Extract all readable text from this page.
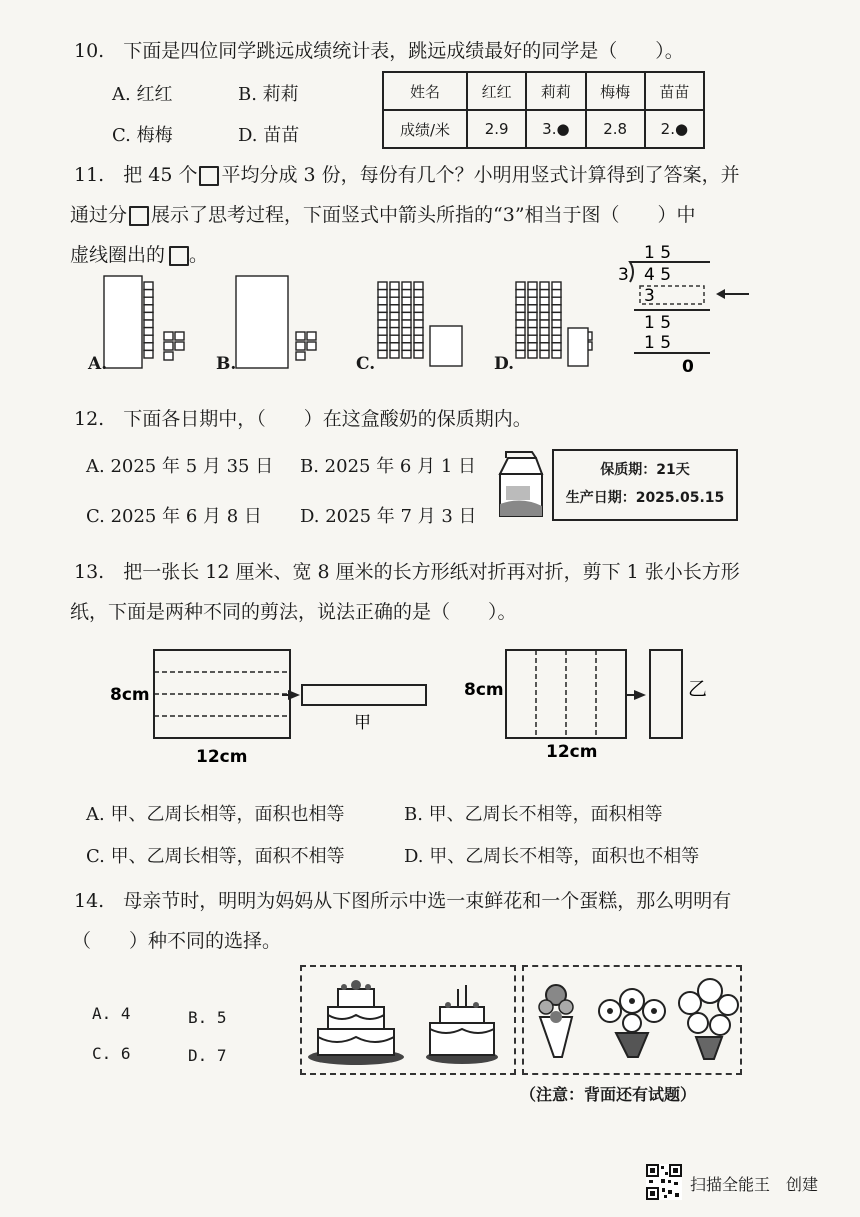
10.　下面是四位同学跳远成绩统计表，跳远成绩最好的同学是（　　）。
A. 红红	B. 莉莉
C. 梅梅	D. 苗苗
姓名	红红	莉莉	梅梅	苗苗
成绩/米	2.9	3.●	2.8	2.●
11.　把 45 个 平均分成 3 份，每份有几个？小明用竖式计算得到了答案，并
通过分 展示了思考过程，下面竖式中箭头所指的“3”相当于图（　　）中
虚线圈出的 。	1 5
3 4 5
3
1 5
1 5
0
A.	B.	C.	D.
12.　下面各日期中，（　　）在这盒酸奶的保质期内。
A. 2025 年 5 月 35 日 B. 2025 年 6 月 1 日
C. 2025 年 6 月 8 日 D. 2025 年 7 月 3 日
保质期：21天
生产日期：2025.05.15
13.　把一张长 12 厘米、宽 8 厘米的长方形纸对折再对折，剪下 1 张小长方形
纸，下面是两种不同的剪法，说法正确的是（　　）。
8cm
12cm
甲
8cm
12cm
乙
A. 甲、乙周长相等，面积也相等	B. 甲、乙周长不相等，面积相等
C. 甲、乙周长相等，面积不相等	D. 甲、乙周长不相等，面积也不相等
14.　母亲节时，明明为妈妈从下图所示中选一束鲜花和一个蛋糕，那么明明有
（　　）种不同的选择。
A. 4	B. 5
C. 6	D. 7
（注意：背面还有试题）
扫描全能王　创建
